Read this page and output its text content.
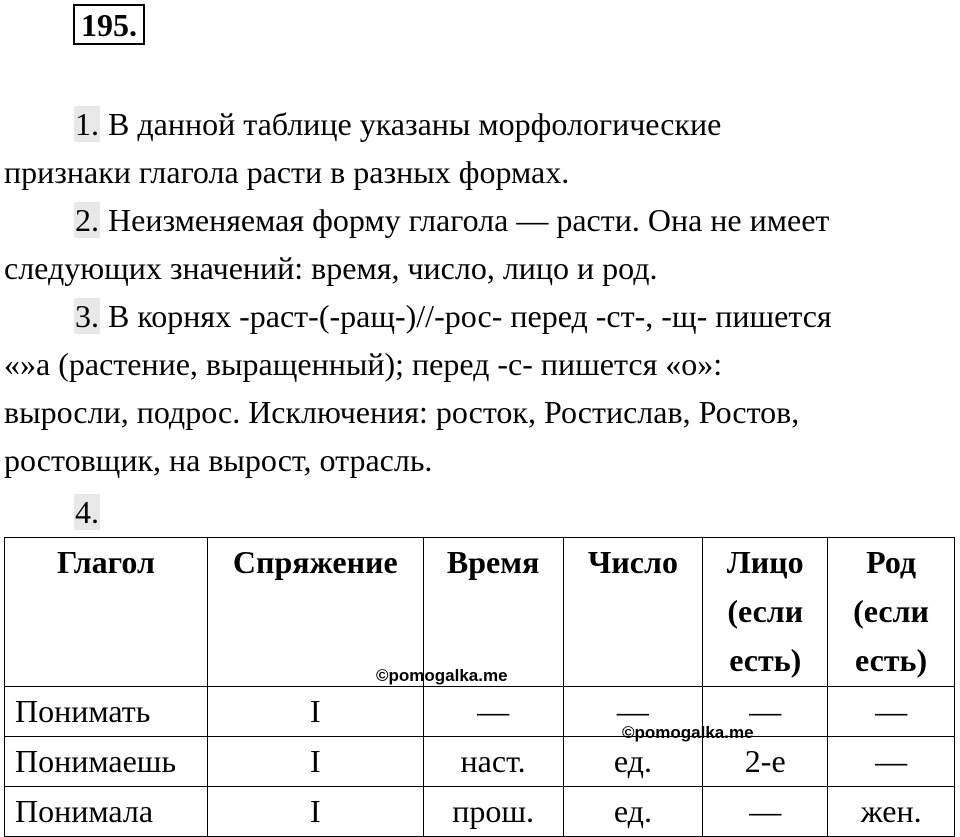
195.

1. В данной таблице указаны морфологические
признаки глагола расти в разных формах.

2. Неизменяемая форму глагола — расти. Она не имеет
следующих значений: время, число, лицо и род.

3. В корнях -раст-(-ращ-)//-рос- перед -ст-, -щ- пишется
«»а (растение, выращенный); перед -с- пишется «о»:
выросли, подрос. Исключения: росток, Ростислав, Ростов,
ростовщик, на вырост, отрасль.

4.

Глагол	Спряжение	Время	Число	Лицо
(если
есть)	Род
(если
есть)
Понимать	I	—	—	—	—
Понимаешь	I	наст.	ед.	2-е	—
Понимала	I	прош.	ед.	—	жен.
©pomogalka.me
©pomogalka.me
